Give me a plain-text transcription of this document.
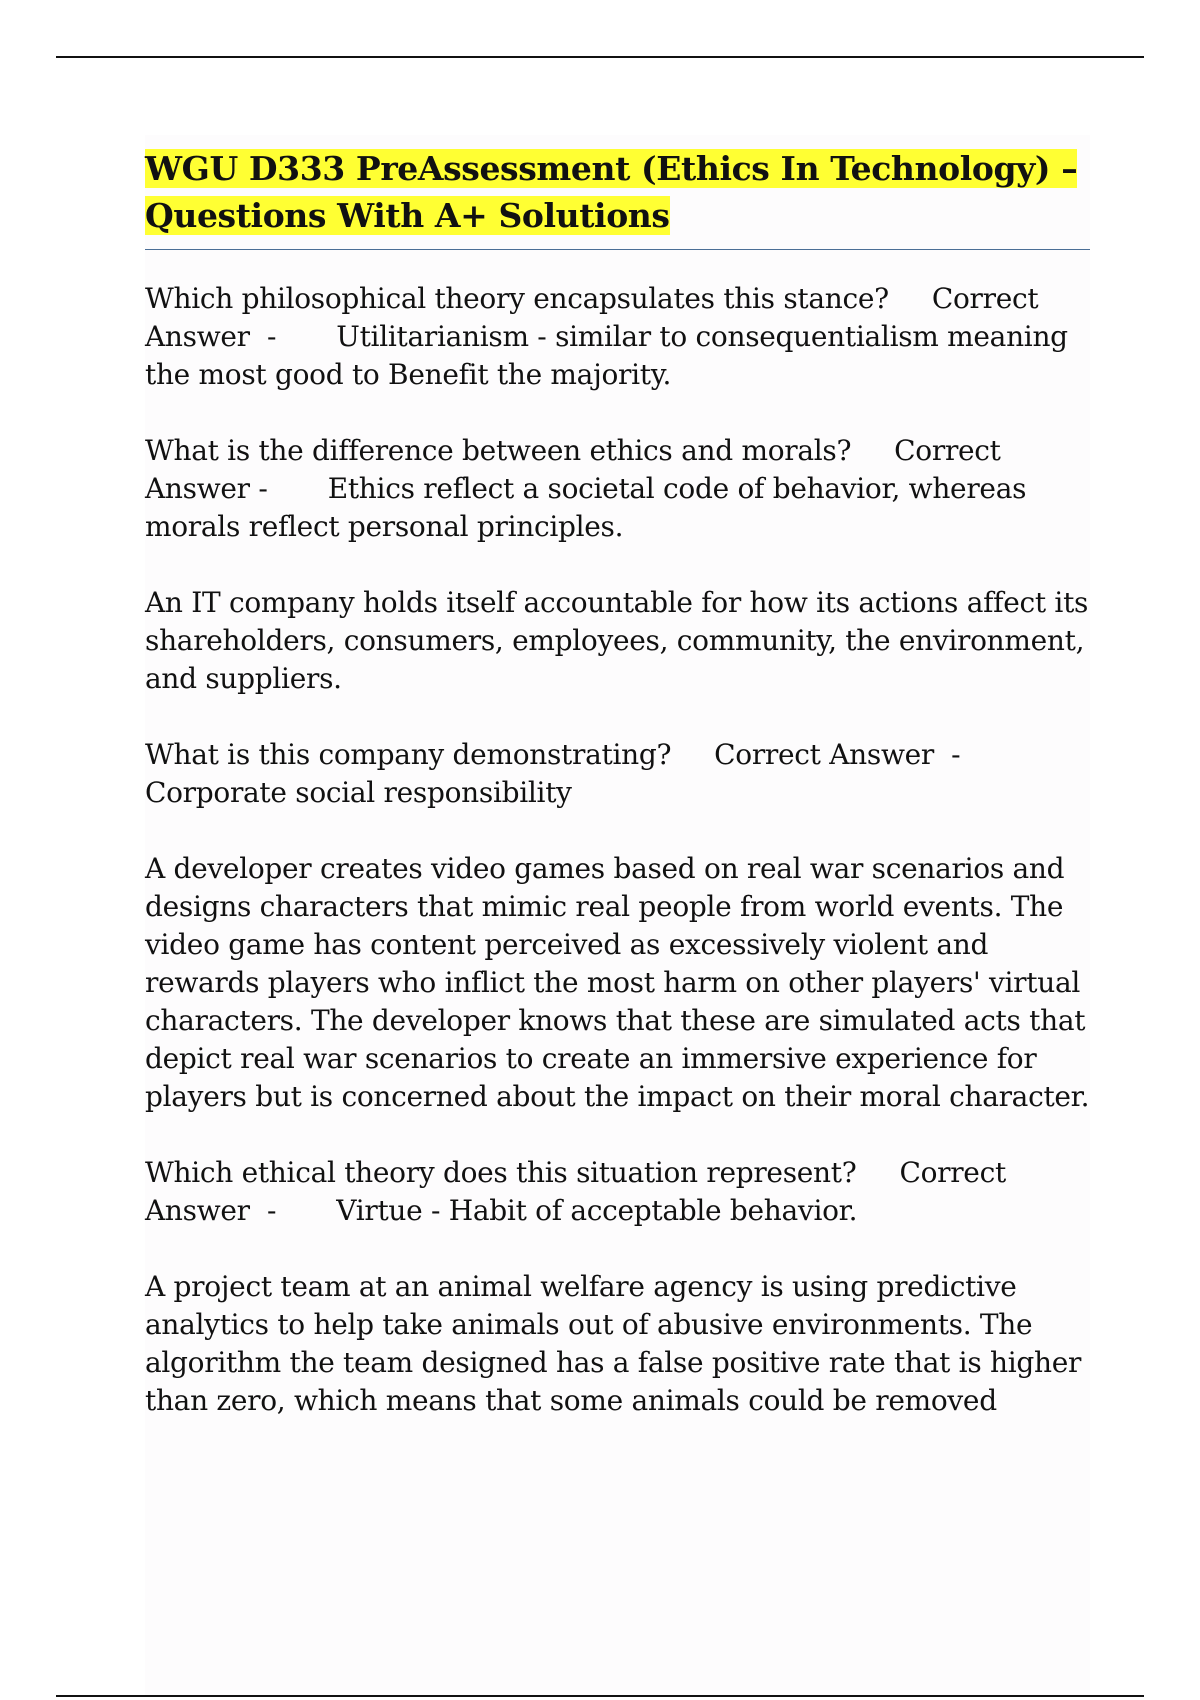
WGU D333 PreAssessment (Ethics In Technology) – Questions With A+ Solutions

Which philosophical theory encapsulates this stance?     Correct Answer  -       Utilitarianism - similar to consequentialism meaning the most good to Benefit the majority.

What is the difference between ethics and morals?     Correct Answer -       Ethics reflect a societal code of behavior, whereas morals reflect personal principles.

An IT company holds itself accountable for how its actions affect its shareholders, consumers, employees, community, the environment, and suppliers.

What is this company demonstrating?     Correct Answer  -       Corporate social responsibility

A developer creates video games based on real war scenarios and designs characters that mimic real people from world events. The video game has content perceived as excessively violent and rewards players who inflict the most harm on other players' virtual characters. The developer knows that these are simulated acts that depict real war scenarios to create an immersive experience for players but is concerned about the impact on their moral character.

Which ethical theory does this situation represent?     Correct Answer  -       Virtue - Habit of acceptable behavior.

A project team at an animal welfare agency is using predictive analytics to help take animals out of abusive environments. The algorithm the team designed has a false positive rate that is higher than zero, which means that some animals could be removed
